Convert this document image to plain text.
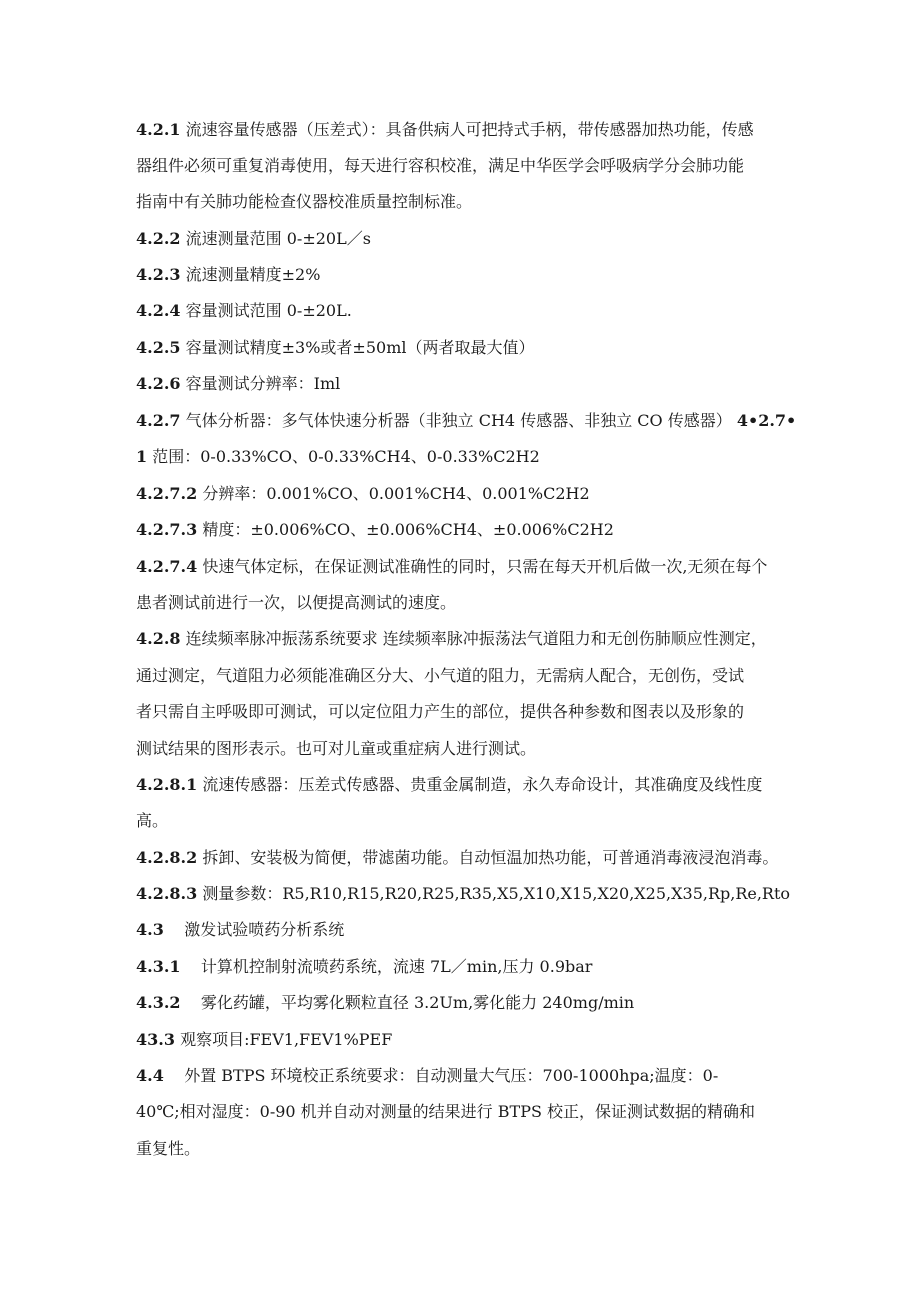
4.2.1 流速容量传感器（压差式）：具备供病人可把持式手柄，带传感器加热功能，传感

器组件必须可重复消毒使用，每天进行容积校准，满足中华医学会呼吸病学分会肺功能

指南中有关肺功能检查仪器校准质量控制标准。

4.2.2 流速测量范围 0-±20L／s

4.2.3 流速测量精度±2%

4.2.4 容量测试范围 0-±20L.

4.2.5 容量测试精度±3%或者±50ml（两者取最大值）

4.2.6 容量测试分辨率：Iml

4.2.7 气体分析器：多气体快速分析器（非独立 CH4 传感器、非独立 CO 传感器） 4•2.7•

1 范围：0-0.33%CO、0-0.33%CH4、0-0.33%C2H2

4.2.7.2 分辨率：0.001%CO、0.001%CH4、0.001%C2H2

4.2.7.3 精度：±0.006%CO、±0.006%CH4、±0.006%C2H2

4.2.7.4 快速气体定标，在保证测试准确性的同时，只需在每天开机后做一次,无须在每个

患者测试前进行一次，以便提高测试的速度。

4.2.8 连续频率脉冲振荡系统要求 连续频率脉冲振荡法气道阻力和无创伤肺顺应性测定，

通过测定，气道阻力必须能准确区分大、小气道的阻力，无需病人配合，无创伤，受试

者只需自主呼吸即可测试，可以定位阻力产生的部位，提供各种参数和图表以及形象的

测试结果的图形表示。也可对儿童或重症病人进行测试。

4.2.8.1 流速传感器：压差式传感器、贵重金属制造，永久寿命设计，其准确度及线性度

高。

4.2.8.2 拆卸、安装极为简便，带滤菌功能。自动恒温加热功能，可普通消毒液浸泡消毒。

4.2.8.3 测量参数：R5,R10,R15,R20,R25,R35,X5,X10,X15,X20,X25,X35,Rp,Re,Rto

4.3 激发试验喷药分析系统

4.3.1 计算机控制射流喷药系统，流速 7L／min,压力 0.9bar

4.3.2 雾化药罐，平均雾化颗粒直径 3.2Um,雾化能力 240mg/min

43.3 观察项目:FEV1,FEV1%PEF

4.4 外置 BTPS 环境校正系统要求：自动测量大气压：700-1000hpa;温度：0-

40℃;相对湿度：0-90 机并自动对测量的结果进行 BTPS 校正，保证测试数据的精确和

重复性。
